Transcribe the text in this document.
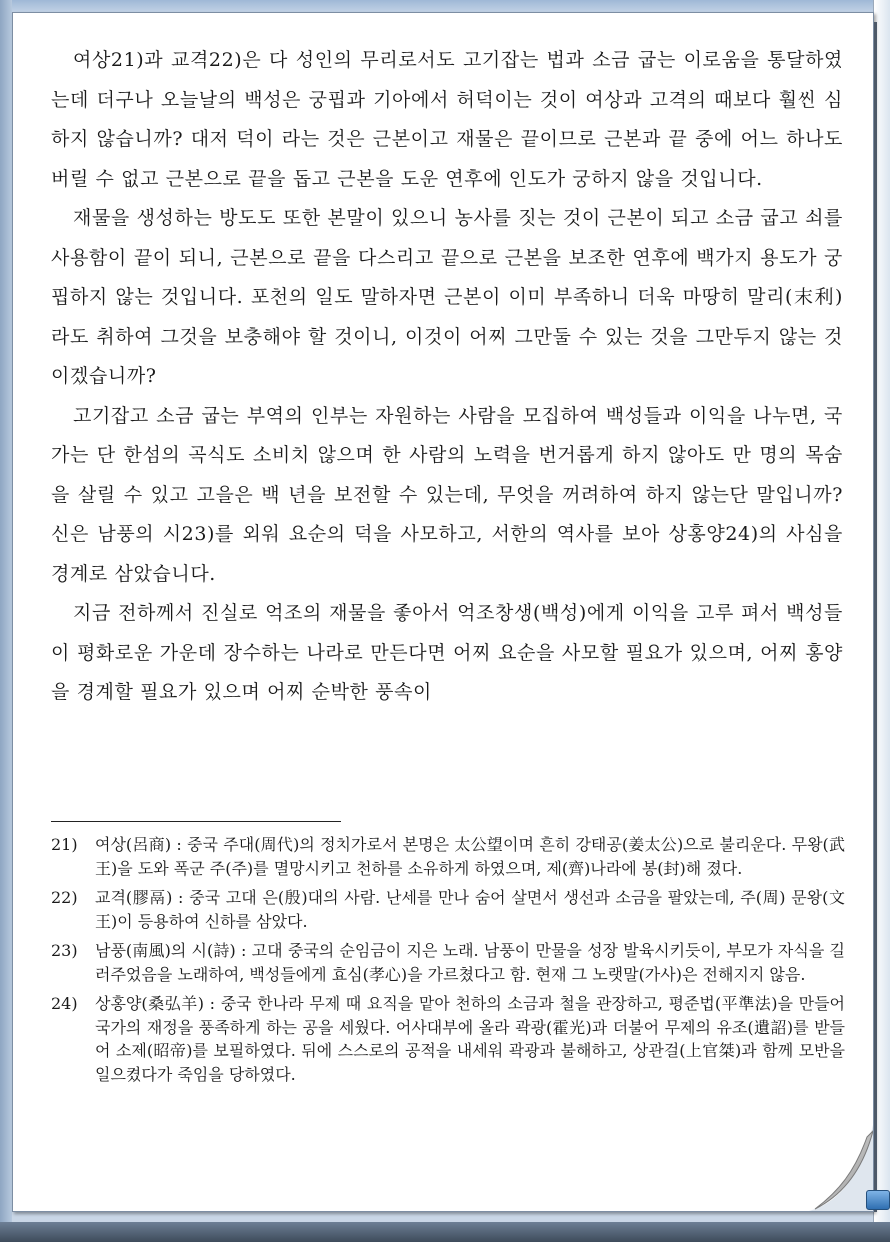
여상21)과 교격22)은 다 성인의 무리로서도 고기잡는 법과 소금 굽는 이로움을 통달하였는데 더구나 오늘날의 백성은 궁핍과 기아에서 허덕이는 것이 여상과 고격의 때보다 훨씬 심하지 않습니까? 대저 덕이 라는 것은 근본이고 재물은 끝이므로 근본과 끝 중에 어느 하나도 버릴 수 없고 근본으로 끝을 돕고 근본을 도운 연후에 인도가 궁하지 않을 것입니다.

재물을 생성하는 방도도 또한 본말이 있으니 농사를 짓는 것이 근본이 되고 소금 굽고 쇠를 사용함이 끝이 되니, 근본으로 끝을 다스리고 끝으로 근본을 보조한 연후에 백가지 용도가 궁핍하지 않는 것입니다. 포천의 일도 말하자면 근본이 이미 부족하니 더욱 마땅히 말리(末利)라도 취하여 그것을 보충해야 할 것이니, 이것이 어찌 그만둘 수 있는 것을 그만두지 않는 것이겠습니까?

고기잡고 소금 굽는 부역의 인부는 자원하는 사람을 모집하여 백성들과 이익을 나누면, 국가는 단 한섬의 곡식도 소비치 않으며 한 사람의 노력을 번거롭게 하지 않아도 만 명의 목숨을 살릴 수 있고 고을은 백 년을 보전할 수 있는데, 무엇을 꺼려하여 하지 않는단 말입니까? 신은 남풍의 시23)를 외워 요순의 덕을 사모하고, 서한의 역사를 보아 상홍양24)의 사심을 경계로 삼았습니다.

지금 전하께서 진실로 억조의 재물을 좋아서 억조창생(백성)에게 이익을 고루 펴서 백성들이 평화로운 가운데 장수하는 나라로 만든다면 어찌 요순을 사모할 필요가 있으며, 어찌 홍양을 경계할 필요가 있으며 어찌 순박한 풍속이

21) 여상(呂商) : 중국 주대(周代)의 정치가로서 본명은 太公望이며 흔히 강태공(姜太公)으로 불리운다. 무왕(武王)을 도와 폭군 주(주)를 멸망시키고 천하를 소유하게 하였으며, 제(齊)나라에 봉(封)해 졌다.
22) 교격(膠鬲) : 중국 고대 은(殷)대의 사람. 난세를 만나 숨어 살면서 생선과 소금을 팔았는데, 주(周) 문왕(文王)이 등용하여 신하를 삼았다.
23) 남풍(南風)의 시(詩) : 고대 중국의 순임금이 지은 노래. 남풍이 만물을 성장 발육시키듯이, 부모가 자식을 길러주었음을 노래하여, 백성들에게 효심(孝心)을 가르쳤다고 함. 현재 그 노랫말(가사)은 전해지지 않음.
24) 상홍양(桑弘羊) : 중국 한나라 무제 때 요직을 맡아 천하의 소금과 철을 관장하고, 평준법(平準法)을 만들어 국가의 재정을 풍족하게 하는 공을 세웠다. 어사대부에 올라 곽광(霍光)과 더불어 무제의 유조(遺詔)를 받들어 소제(昭帝)를 보필하였다. 뒤에 스스로의 공적을 내세워 곽광과 불해하고, 상관걸(上官桀)과 함께 모반을 일으켰다가 죽임을 당하였다.
